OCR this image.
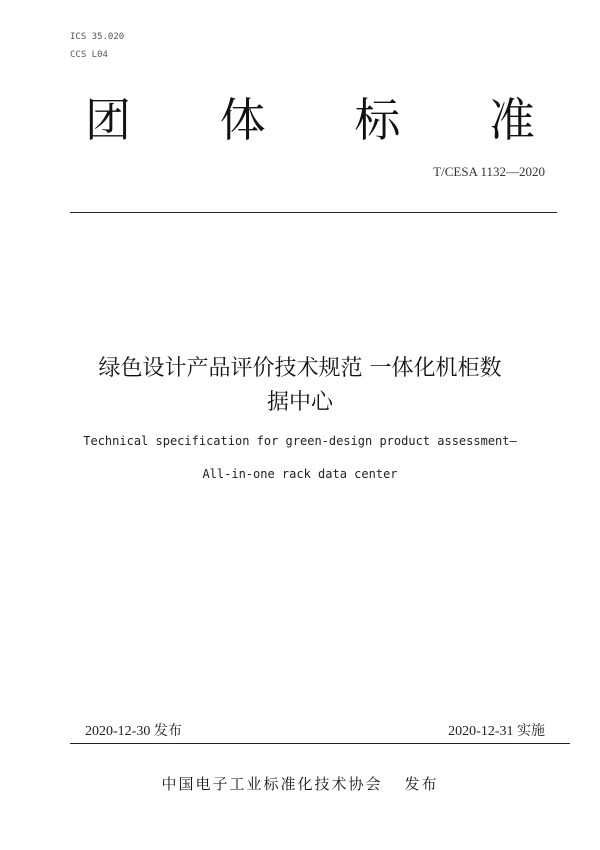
ICS 35.020
CCS L04
团 体 标 准
T/CESA 1132—2020
绿色设计产品评价技术规范 一体化机柜数
据中心
Technical specification for green-design product assessment—
All-in-one rack data center
2020-12-30 发布	2020-12-31 实施
中国电子工业标准化技术协会 发布
